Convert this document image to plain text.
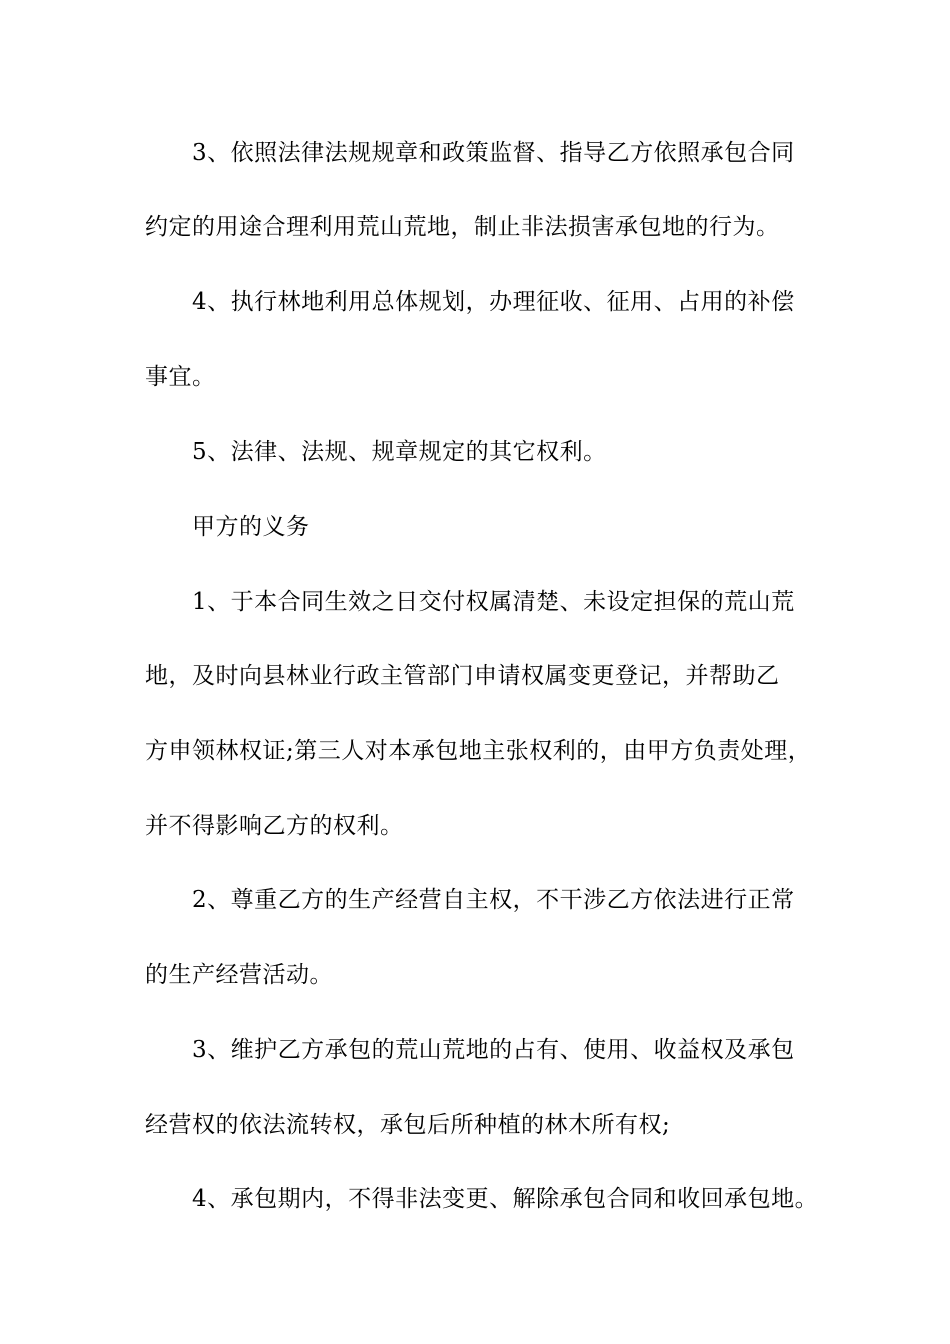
3、依照法律法规规章和政策监督、指导乙方依照承包合同
约定的用途合理利用荒山荒地，制止非法损害承包地的行为。
4、执行林地利用总体规划，办理征收、征用、占用的补偿
事宜。
5、法律、法规、规章规定的其它权利。
甲方的义务
1、于本合同生效之日交付权属清楚、未设定担保的荒山荒
地，及时向县林业行政主管部门申请权属变更登记，并帮助乙
方申领林权证;第三人对本承包地主张权利的，由甲方负责处理，
并不得影响乙方的权利。
2、尊重乙方的生产经营自主权，不干涉乙方依法进行正常
的生产经营活动。
3、维护乙方承包的荒山荒地的占有、使用、收益权及承包
经营权的依法流转权，承包后所种植的林木所有权;
4、承包期内，不得非法变更、解除承包合同和收回承包地。
